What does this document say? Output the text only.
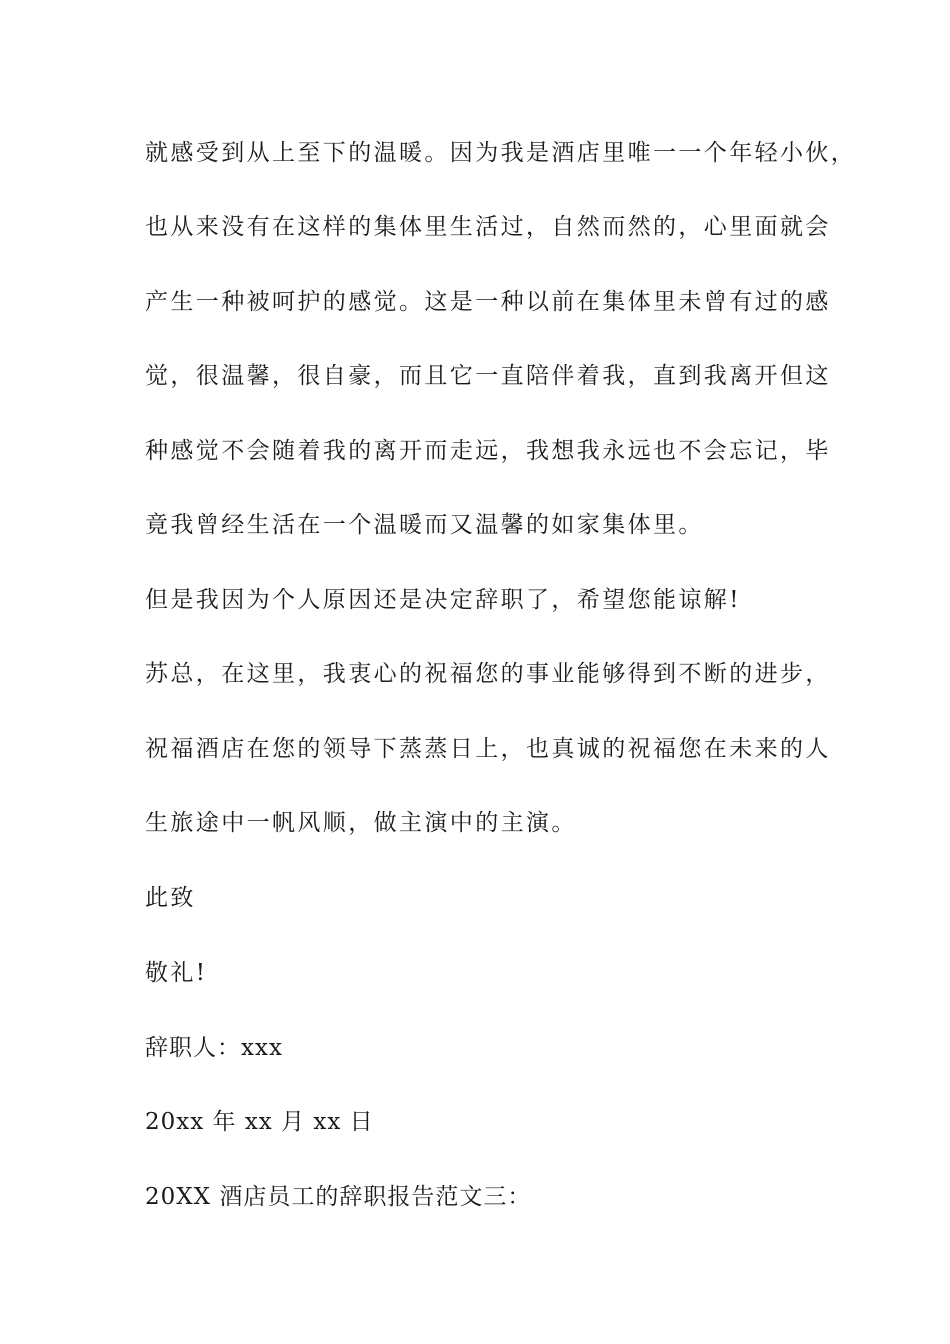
就感受到从上至下的温暖。因为我是酒店里唯一一个年轻小伙，

也从来没有在这样的集体里生活过，自然而然的，心里面就会

产生一种被呵护的感觉。这是一种以前在集体里未曾有过的感

觉，很温馨，很自豪，而且它一直陪伴着我，直到我离开但这

种感觉不会随着我的离开而走远，我想我永远也不会忘记，毕

竟我曾经生活在一个温暖而又温馨的如家集体里。

但是我因为个人原因还是决定辞职了，希望您能谅解!

苏总，在这里，我衷心的祝福您的事业能够得到不断的进步，

祝福酒店在您的领导下蒸蒸日上，也真诚的祝福您在未来的人

生旅途中一帆风顺，做主演中的主演。

此致

敬礼!

辞职人：xxx

20xx 年 xx 月 xx 日

20XX 酒店员工的辞职报告范文三：
